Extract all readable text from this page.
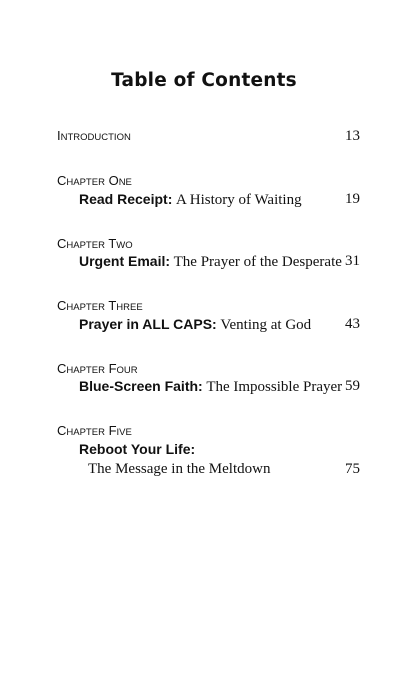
Table of Contents
INTRODUCTION	13
CHAPTER ONE
Read Receipt: A History of Waiting	19
CHAPTER TWO
Urgent Email: The Prayer of the Desperate 31
CHAPTER THREE
Prayer in ALL CAPS: Venting at God 43
CHAPTER FOUR
Blue-Screen Faith: The Impossible Prayer 59
CHAPTER FIVE
Reboot Your Life:
The Message in the Meltdown	75
